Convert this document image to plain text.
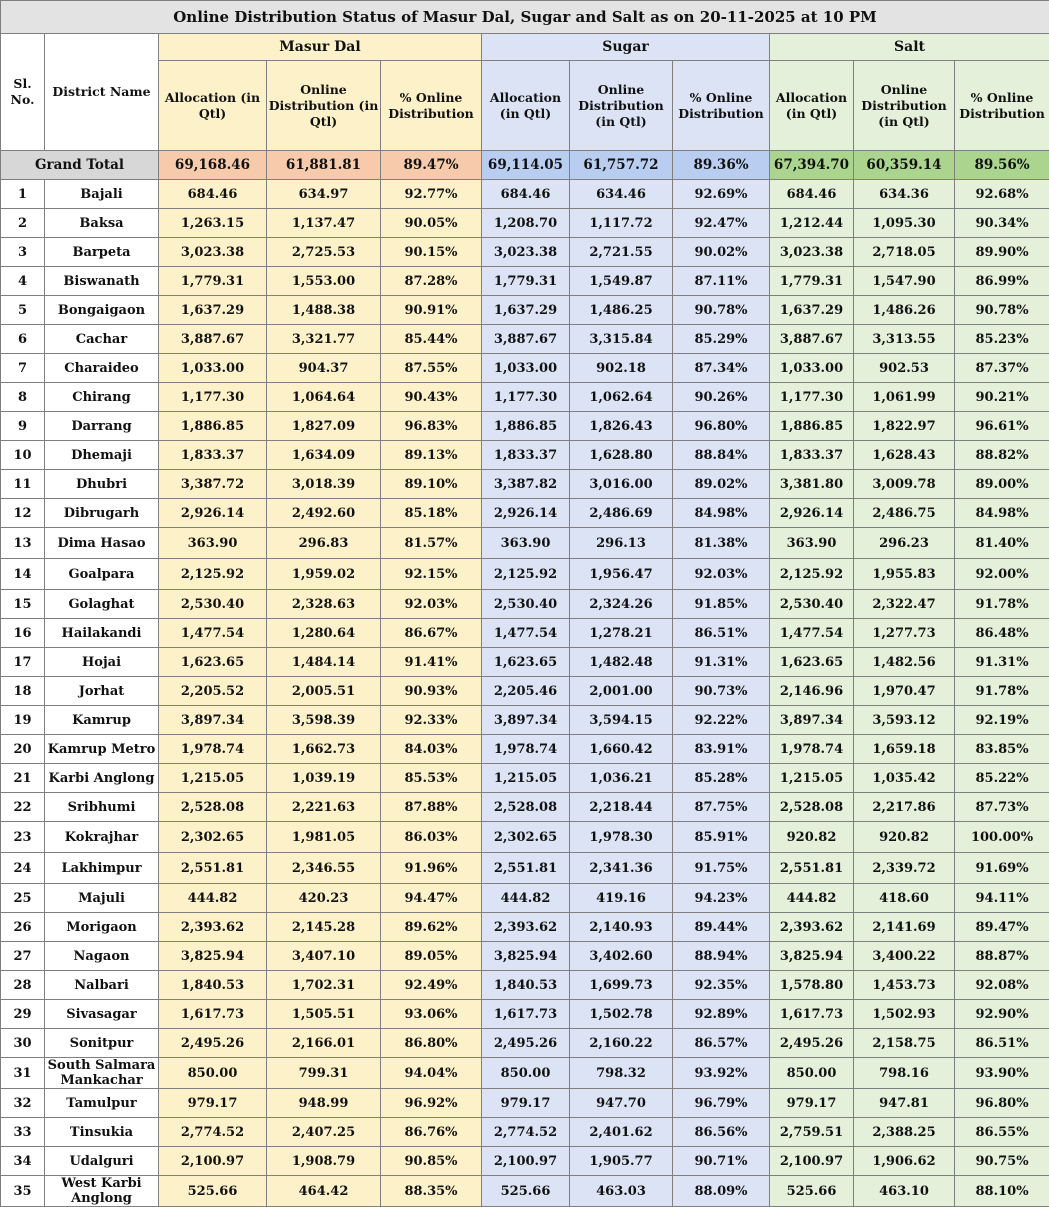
Online Distribution Status of Masur Dal, Sugar and Salt as on 20-11-2025 at 10 PM										
Sl. No.	District Name	Masur Dal			Sugar			Salt		
		Allocation (in Qtl)	Online Distribution (in Qtl)	% Online Distribution	Allocation (in Qtl)	Online Distribution (in Qtl)	% Online Distribution	Allocation (in Qtl)	Online Distribution (in Qtl)	% Online Distribution
Grand Total		69,168.46	61,881.81	89.47%	69,114.05	61,757.72	89.36%	67,394.70	60,359.14	89.56%
1	Bajali	684.46	634.97	92.77%	684.46	634.46	92.69%	684.46	634.36	92.68%
2	Baksa	1,263.15	1,137.47	90.05%	1,208.70	1,117.72	92.47%	1,212.44	1,095.30	90.34%
3	Barpeta	3,023.38	2,725.53	90.15%	3,023.38	2,721.55	90.02%	3,023.38	2,718.05	89.90%
4	Biswanath	1,779.31	1,553.00	87.28%	1,779.31	1,549.87	87.11%	1,779.31	1,547.90	86.99%
5	Bongaigaon	1,637.29	1,488.38	90.91%	1,637.29	1,486.25	90.78%	1,637.29	1,486.26	90.78%
6	Cachar	3,887.67	3,321.77	85.44%	3,887.67	3,315.84	85.29%	3,887.67	3,313.55	85.23%
7	Charaideo	1,033.00	904.37	87.55%	1,033.00	902.18	87.34%	1,033.00	902.53	87.37%
8	Chirang	1,177.30	1,064.64	90.43%	1,177.30	1,062.64	90.26%	1,177.30	1,061.99	90.21%
9	Darrang	1,886.85	1,827.09	96.83%	1,886.85	1,826.43	96.80%	1,886.85	1,822.97	96.61%
10	Dhemaji	1,833.37	1,634.09	89.13%	1,833.37	1,628.80	88.84%	1,833.37	1,628.43	88.82%
11	Dhubri	3,387.72	3,018.39	89.10%	3,387.82	3,016.00	89.02%	3,381.80	3,009.78	89.00%
12	Dibrugarh	2,926.14	2,492.60	85.18%	2,926.14	2,486.69	84.98%	2,926.14	2,486.75	84.98%
13	Dima Hasao	363.90	296.83	81.57%	363.90	296.13	81.38%	363.90	296.23	81.40%
14	Goalpara	2,125.92	1,959.02	92.15%	2,125.92	1,956.47	92.03%	2,125.92	1,955.83	92.00%
15	Golaghat	2,530.40	2,328.63	92.03%	2,530.40	2,324.26	91.85%	2,530.40	2,322.47	91.78%
16	Hailakandi	1,477.54	1,280.64	86.67%	1,477.54	1,278.21	86.51%	1,477.54	1,277.73	86.48%
17	Hojai	1,623.65	1,484.14	91.41%	1,623.65	1,482.48	91.31%	1,623.65	1,482.56	91.31%
18	Jorhat	2,205.52	2,005.51	90.93%	2,205.46	2,001.00	90.73%	2,146.96	1,970.47	91.78%
19	Kamrup	3,897.34	3,598.39	92.33%	3,897.34	3,594.15	92.22%	3,897.34	3,593.12	92.19%
20	Kamrup Metro	1,978.74	1,662.73	84.03%	1,978.74	1,660.42	83.91%	1,978.74	1,659.18	83.85%
21	Karbi Anglong	1,215.05	1,039.19	85.53%	1,215.05	1,036.21	85.28%	1,215.05	1,035.42	85.22%
22	Sribhumi	2,528.08	2,221.63	87.88%	2,528.08	2,218.44	87.75%	2,528.08	2,217.86	87.73%
23	Kokrajhar	2,302.65	1,981.05	86.03%	2,302.65	1,978.30	85.91%	920.82	920.82	100.00%
24	Lakhimpur	2,551.81	2,346.55	91.96%	2,551.81	2,341.36	91.75%	2,551.81	2,339.72	91.69%
25	Majuli	444.82	420.23	94.47%	444.82	419.16	94.23%	444.82	418.60	94.11%
26	Morigaon	2,393.62	2,145.28	89.62%	2,393.62	2,140.93	89.44%	2,393.62	2,141.69	89.47%
27	Nagaon	3,825.94	3,407.10	89.05%	3,825.94	3,402.60	88.94%	3,825.94	3,400.22	88.87%
28	Nalbari	1,840.53	1,702.31	92.49%	1,840.53	1,699.73	92.35%	1,578.80	1,453.73	92.08%
29	Sivasagar	1,617.73	1,505.51	93.06%	1,617.73	1,502.78	92.89%	1,617.73	1,502.93	92.90%
30	Sonitpur	2,495.26	2,166.01	86.80%	2,495.26	2,160.22	86.57%	2,495.26	2,158.75	86.51%
31	South Salmara Mankachar	850.00	799.31	94.04%	850.00	798.32	93.92%	850.00	798.16	93.90%
32	Tamulpur	979.17	948.99	96.92%	979.17	947.70	96.79%	979.17	947.81	96.80%
33	Tinsukia	2,774.52	2,407.25	86.76%	2,774.52	2,401.62	86.56%	2,759.51	2,388.25	86.55%
34	Udalguri	2,100.97	1,908.79	90.85%	2,100.97	1,905.77	90.71%	2,100.97	1,906.62	90.75%
35	West Karbi Anglong	525.66	464.42	88.35%	525.66	463.03	88.09%	525.66	463.10	88.10%
